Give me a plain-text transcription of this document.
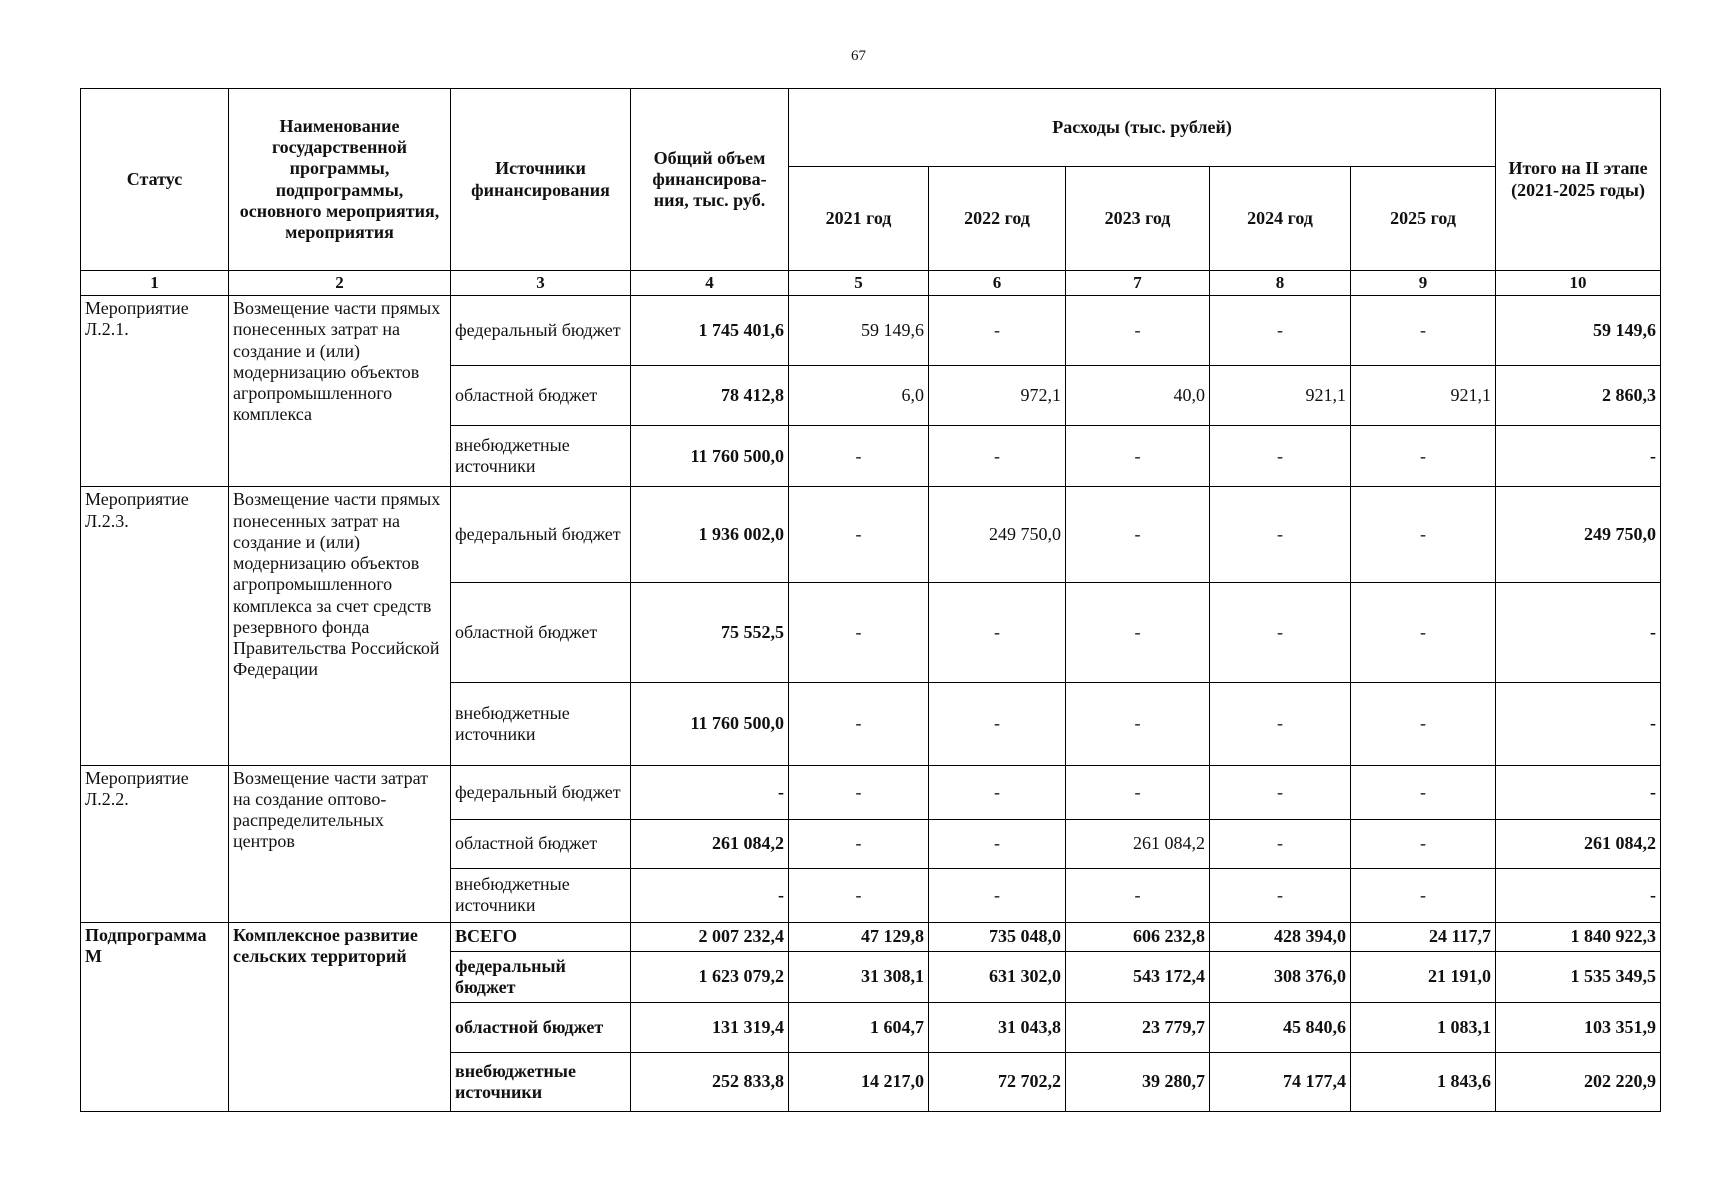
67
Статус	Наименование государственной программы, подпрограммы, основного мероприятия, мероприятия	Источники финансирования	Общий объем финансирова-ния, тыс. руб.	Расходы (тыс. рублей)					Итого на II этапе (2021-2025 годы)
				2021 год	2022 год	2023 год	2024 год	2025 год	
1	2	3	4	5	6	7	8	9	10
Мероприятие Л.2.1.	Возмещение части прямых понесенных затрат на создание и (или) модернизацию объектов агропромышленного комплекса	федеральный бюджет	1 745 401,6	59 149,6	-	-	-	-	59 149,6
		областной бюджет	78 412,8	6,0	972,1	40,0	921,1	921,1	2 860,3
		внебюджетные источники	11 760 500,0	-	-	-	-	-	-
Мероприятие Л.2.3.	Возмещение части прямых понесенных затрат на создание и (или) модернизацию объектов агропромышленного комплекса за счет средств резервного фонда Правительства Российской Федерации	федеральный бюджет	1 936 002,0	-	249 750,0	-	-	-	249 750,0
		областной бюджет	75 552,5	-	-	-	-	-	-
		внебюджетные источники	11 760 500,0	-	-	-	-	-	-
Мероприятие Л.2.2.	Возмещение части затрат на создание оптово-распределительных центров	федеральный бюджет	-	-	-	-	-	-	-
		областной бюджет	261 084,2	-	-	261 084,2	-	-	261 084,2
		внебюджетные источники	-	-	-	-	-	-	-
Подпрограмма М	Комплексное развитие сельских территорий	ВСЕГО	2 007 232,4	47 129,8	735 048,0	606 232,8	428 394,0	24 117,7	1 840 922,3
		федеральный бюджет	1 623 079,2	31 308,1	631 302,0	543 172,4	308 376,0	21 191,0	1 535 349,5
		областной бюджет	131 319,4	1 604,7	31 043,8	23 779,7	45 840,6	1 083,1	103 351,9
		внебюджетные источники	252 833,8	14 217,0	72 702,2	39 280,7	74 177,4	1 843,6	202 220,9
